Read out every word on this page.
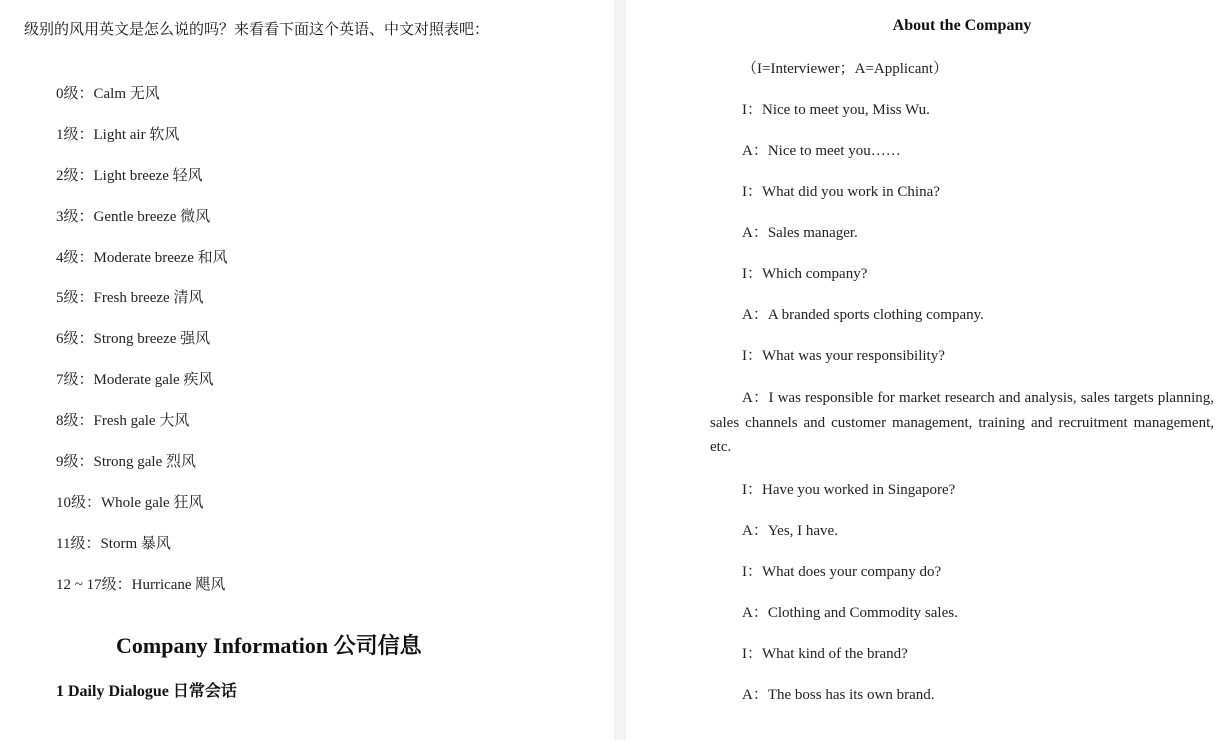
级别的风用英文是怎么说的吗？来看看下面这个英语、中文对照表吧：
0级：Calm 无风
1级：Light air 软风
2级：Light breeze 轻风
3级：Gentle breeze 微风
4级：Moderate breeze 和风
5级：Fresh breeze 清风
6级：Strong breeze 强风
7级：Moderate gale 疾风
8级：Fresh gale 大风
9级：Strong gale 烈风
10级：Whole gale 狂风
11级：Storm 暴风
12 ~ 17级：Hurricane 飓风
Company Information 公司信息
1 Daily Dialogue 日常会话
About the Company
（I=Interviewer；A=Applicant）
I：Nice to meet you, Miss Wu.
A：Nice to meet you……
I：What did you work in China?
A：Sales manager.
I：Which company?
A：A branded sports clothing company.
I：What was your responsibility?
A：I was responsible for market research and analysis, sales targets planning, sales channels and customer management, training and recruitment management, etc.
I：Have you worked in Singapore?
A：Yes, I have.
I：What does your company do?
A：Clothing and Commodity sales.
I：What kind of the brand?
A：The boss has its own brand.
